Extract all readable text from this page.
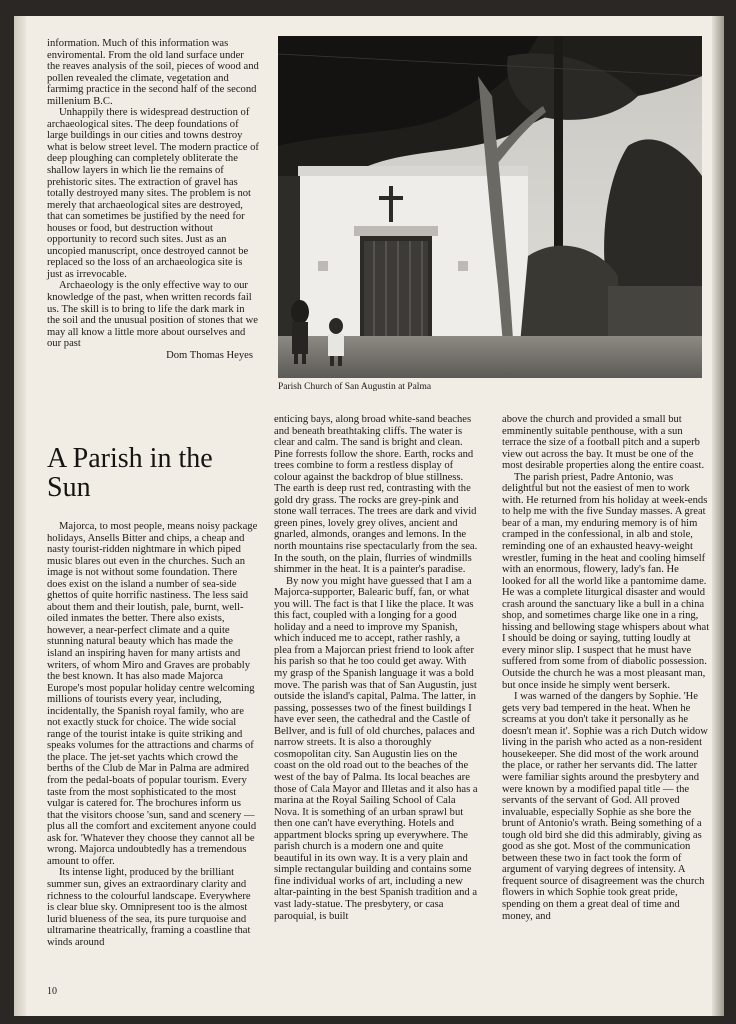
information. Much of this information was enviromental. From the old land surface under the reaves analysis of the soil, pieces of wood and pollen revealed the climate, vegetation and farmimg practice in the second half of the second millenium B.C.

Unhappily there is widespread destruction of archaeological sites. The deep foundations of large buildings in our cities and towns destroy what is below street level. The modern practice of deep ploughing can completely obliterate the shallow layers in which lie the remains of prehistoric sites. The extraction of gravel has totally destroyed many sites. The problem is not merely that archaeological sites are destroyed, that can sometimes be justified by the need for houses or food, but destruction without opportunity to record such sites. Just as an uncopied manuscript, once destroyed cannot be replaced so the loss of an archaeologica site is just as irrevocable.

Archaeology is the only effective way to our knowledge of the past, when written records fail us. The skill is to bring to life the dark mark in the soil and the unusual position of stones that we may all know a little more about ourselves and our past

Dom Thomas Heyes

Parish Church of San Augustin at Palma
A Parish in the Sun

Majorca, to most people, means noisy package holidays, Ansells Bitter and chips, a cheap and nasty tourist-ridden nightmare in which piped music blares out even in the churches. Such an image is not without some foundation. There does exist on the island a number of sea-side ghettos of quite horrific nastiness. The less said about them and their loutish, pale, burnt, well-oiled inmates the better. There also exists, however, a near-perfect climate and a quite stunning natural beauty which has made the island an inspiring haven for many artists and writers, of whom Miro and Graves are probably the best known. It has also made Majorca Europe's most popular holiday centre welcoming millions of tourists every year, including, incidentally, the Spanish royal family, who are not exactly stuck for choice. The wide social range of the tourist intake is quite striking and speaks volumes for the attractions and charms of the place. The jet-set yachts which crowd the berths of the Club de Mar in Palma are admired from the pedal-boats of popular tourism. Every taste from the most sophisticated to the most vulgar is catered for. The brochures inform us that the visitors choose 'sun, sand and scenery — plus all the comfort and excitement anyone could ask for. 'Whatever they choose they cannot all be wrong. Majorca undoubtedly has a tremendous amount to offer.

Its intense light, produced by the brilliant summer sun, gives an extraordinary clarity and richness to the colourful landscape. Everywhere is clear blue sky. Omnipresent too is the almost lurid blueness of the sea, its pure turquoise and ultramarine theatrically, framing a coastline that winds around

enticing bays, along broad white-sand beaches and beneath breathtaking cliffs. The water is clear and calm. The sand is bright and clean. Pine forrests follow the shore. Earth, rocks and trees combine to form a restless display of colour against the backdrop of blue stillness. The earth is deep rust red, contrasting with the gold dry grass. The rocks are grey-pink and stone wall terraces. The trees are dark and vivid green pines, lovely grey olives, ancient and gnarled, almonds, oranges and lemons. In the north mountains rise spectacularly from the sea. In the south, on the plain, flurries of windmills shimmer in the heat. It is a painter's paradise.

By now you might have guessed that I am a Majorca-supporter, Balearic buff, fan, or what you will. The fact is that I like the place. It was this fact, coupled with a longing for a good holiday and a need to improve my Spanish, which induced me to accept, rather rashly, a plea from a Majorcan priest friend to look after his parish so that he too could get away. With my grasp of the Spanish language it was a bold move. The parish was that of San Augustin, just outside the island's capital, Palma. The latter, in passing, possesses two of the finest buildings I have ever seen, the cathedral and the Castle of Bellver, and is full of old churches, palaces and narrow streets. It is also a thoroughly cosmopolitan city. San Augustin lies on the coast on the old road out to the beaches of the west of the bay of Palma. Its local beaches are those of Cala Mayor and Illetas and it also has a marina at the Royal Sailing School of Cala Nova. It is something of an urban sprawl but then one can't have everything. Hotels and appartment blocks spring up everywhere. The parish church is a modern one and quite beautiful in its own way. It is a very plain and simple rectangular building and contains some fine individual works of art, including a new altar-painting in the best Spanish tradition and a vast lady-statue. The presbytery, or casa paroquial, is built

above the church and provided a small but emminently suitable penthouse, with a sun terrace the size of a football pitch and a superb view out across the bay. It must be one of the most desirable properties along the entire coast.

The parish priest, Padre Antonio, was delightful but not the easiest of men to work with. He returned from his holiday at week-ends to help me with the five Sunday masses. A great bear of a man, my enduring memory is of him cramped in the confessional, in alb and stole, reminding one of an exhausted heavy-weight wrestler, fuming in the heat and cooling himself with an enormous, flowery, lady's fan. He looked for all the world like a pantomime dame. He was a complete liturgical disaster and would crash around the sanctuary like a bull in a china shop, and sometimes charge like one in a ring, hissing and bellowing stage whispers about what I should be doing or saying, tutting loudly at every minor slip. I suspect that he must have suffered from some from of diabolic possession. Outside the church he was a most pleasant man, but once inside he simply went berserk.

I was warned of the dangers by Sophie. 'He gets very bad tempered in the heat. When he screams at you don't take it personally as he doesn't mean it'. Sophie was a rich Dutch widow living in the parish who acted as a non-resident housekeeper. She did most of the work around the place, or rather her servants did. The latter were familiar sights around the presbytery and were known by a modified papal title — the servants of the servant of God. All proved invaluable, especially Sophie as she bore the brunt of Antonio's wrath. Being something of a tough old bird she did this admirably, giving as good as she got. Most of the communication between these two in fact took the form of argument of varying degrees of intensity. A frequent source of disagreement was the church flowers in which Sophie took great pride, spending on them a great deal of time and money, and

10
